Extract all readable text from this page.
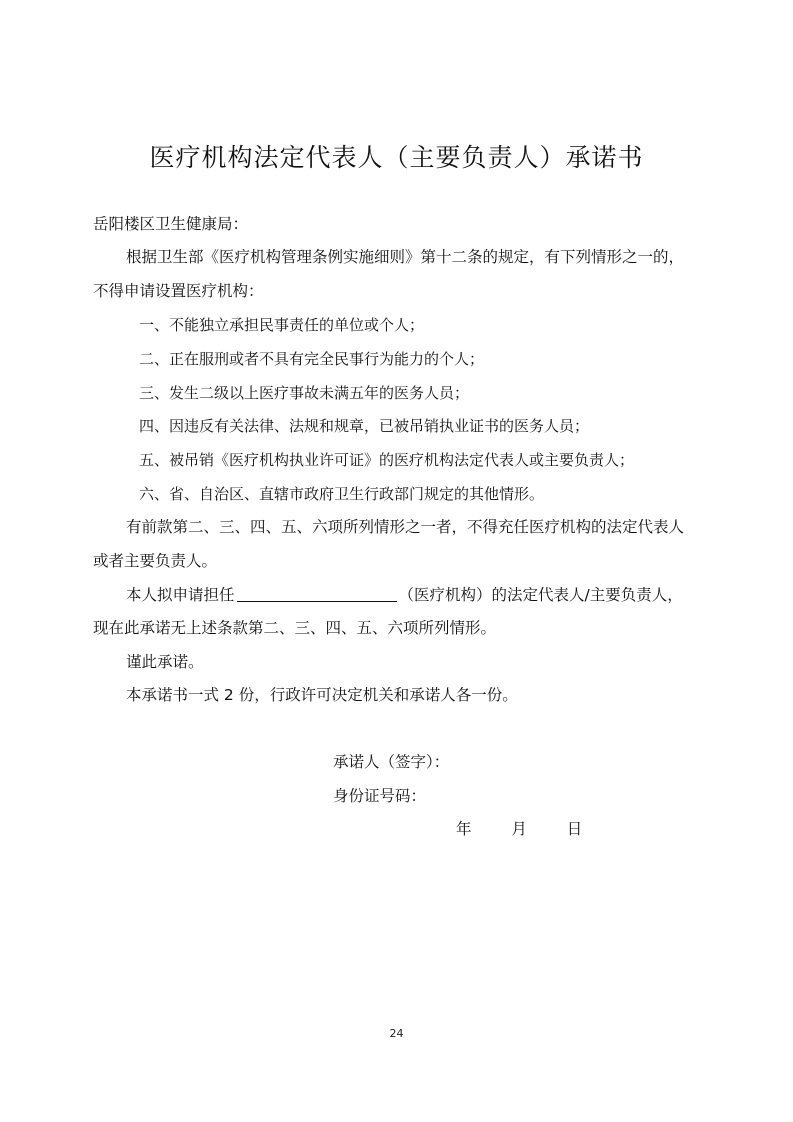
医疗机构法定代表人（主要负责人）承诺书
岳阳楼区卫生健康局：
根据卫生部《医疗机构管理条例实施细则》第十二条的规定，有下列情形之一的，
不得申请设置医疗机构：
一、不能独立承担民事责任的单位或个人；
二、正在服刑或者不具有完全民事行为能力的个人；
三、发生二级以上医疗事故未满五年的医务人员；
四、因违反有关法律、法规和规章，已被吊销执业证书的医务人员；
五、被吊销《医疗机构执业许可证》的医疗机构法定代表人或主要负责人；
六、省、自治区、直辖市政府卫生行政部门规定的其他情形。
有前款第二、三、四、五、六项所列情形之一者，不得充任医疗机构的法定代表人
或者主要负责人。
本人拟申请担任	（医疗机构）的法定代表人/主要负责人，
现在此承诺无上述条款第二、三、四、五、六项所列情形。
谨此承诺。
本承诺书一式 2 份，行政许可决定机关和承诺人各一份。
承诺人（签字）：
身份证号码：
年	月	日
24
